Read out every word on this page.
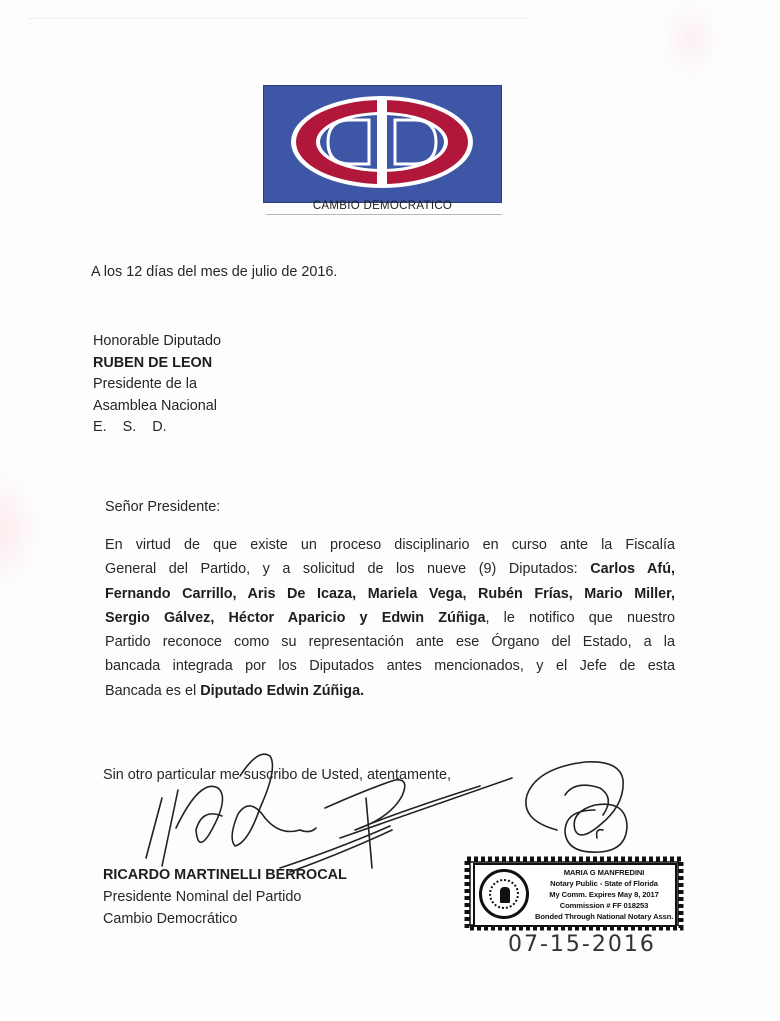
CAMBIO DEMOCRATICO
A los 12 días del mes de julio de 2016.
Honorable Diputado
RUBEN DE LEON
Presidente de la
Asamblea Nacional
E. S. D.
Señor Presidente:
En virtud de que existe un proceso disciplinario en curso ante la Fiscalía
General del Partido, y a solicitud de los nueve (9) Diputados: Carlos Afú,
Fernando Carrillo, Aris De Icaza, Mariela Vega, Rubén Frías, Mario Miller,
Sergio Gálvez, Héctor Aparicio y Edwin Zúñiga, le notifico que nuestro
Partido reconoce como su representación ante ese Órgano del Estado, a la
bancada integrada por los Diputados antes mencionados, y el Jefe de esta
Bancada es el Diputado Edwin Zúñiga.
Sin otro particular me suscribo de Usted, atentamente,
RICARDO MARTINELLI BERROCAL
Presidente Nominal del Partido
Cambio Democrático
MARIA G MANFREDINI
Notary Public - State of Florida
My Comm. Expires May 8, 2017
Commission # FF 018253
Bonded Through National Notary Assn.
07-15-2016
